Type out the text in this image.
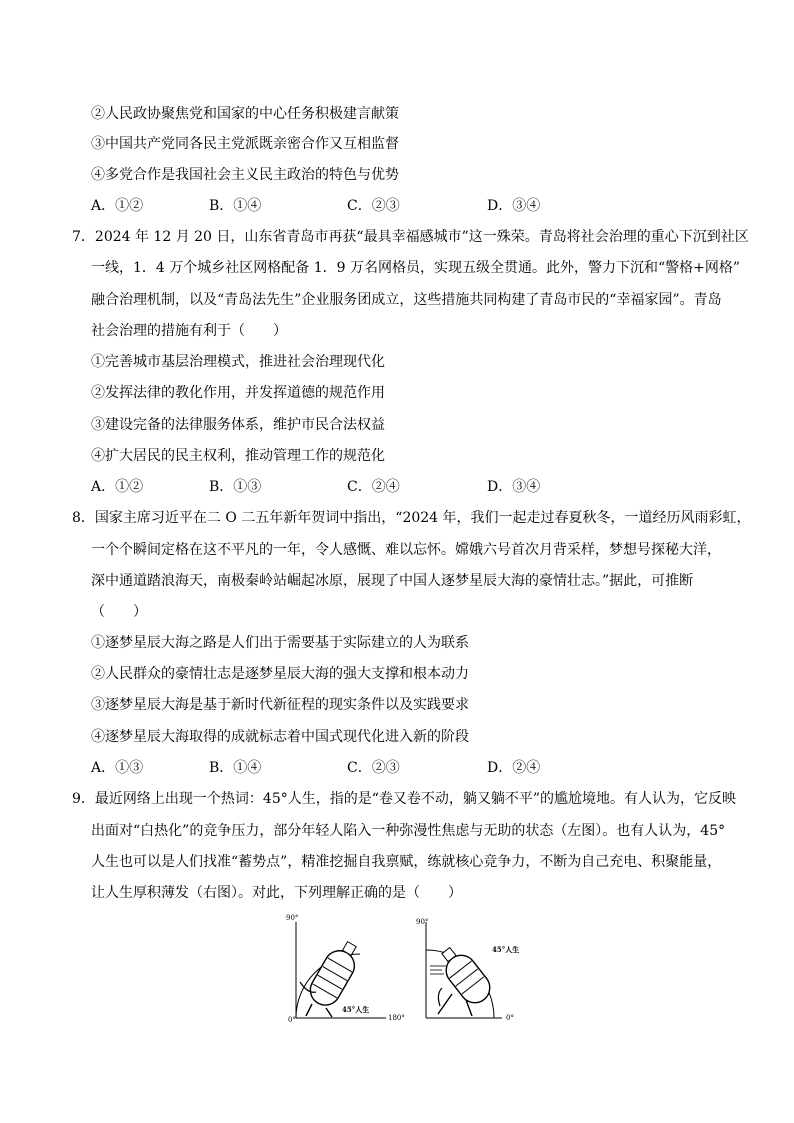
②人民政协聚焦党和国家的中心任务积极建言献策
③中国共产党同各民主党派既亲密合作又互相监督
④多党合作是我国社会主义民主政治的特色与优势
A．①②	B．①④	C．②③	D．③④
7．2024 年 12 月 20 日，山东省青岛市再获“最具幸福感城市”这一殊荣。青岛将社会治理的重心下沉到社区
一线，1．4 万个城乡社区网格配备 1．9 万名网格员，实现五级全贯通。此外，警力下沉和“警格+网格”
融合治理机制，以及“青岛法先生”企业服务团成立，这些措施共同构建了青岛市民的“幸福家园”。青岛
社会治理的措施有利于（　　）
①完善城市基层治理模式，推进社会治理现代化
②发挥法律的教化作用，并发挥道德的规范作用
③建设完备的法律服务体系，维护市民合法权益
④扩大居民的民主权利，推动管理工作的规范化
A．①②	B．①③	C．②④	D．③④
8．国家主席习近平在二 O 二五年新年贺词中指出，“2024 年，我们一起走过春夏秋冬，一道经历风雨彩虹，
一个个瞬间定格在这不平凡的一年，令人感慨、难以忘怀。嫦娥六号首次月背采样，梦想号探秘大洋，
深中通道踏浪海天，南极秦岭站崛起冰原，展现了中国人逐梦星辰大海的豪情壮志。”据此，可推断
（　　）
①逐梦星辰大海之路是人们出于需要基于实际建立的人为联系
②人民群众的豪情壮志是逐梦星辰大海的强大支撑和根本动力
③逐梦星辰大海是基于新时代新征程的现实条件以及实践要求
④逐梦星辰大海取得的成就标志着中国式现代化进入新的阶段
A．①③	B．①④	C．②③	D．②④
9．最近网络上出现一个热词：45°人生，指的是“卷又卷不动，躺又躺不平”的尴尬境地。有人认为，它反映
出面对“白热化”的竞争压力，部分年轻人陷入一种弥漫性焦虑与无助的状态（左图）。也有人认为，45°
人生也可以是人们找准“蓄势点”，精准挖掘自我禀赋，练就核心竞争力，不断为自己充电、积聚能量，
让人生厚积薄发（右图）。对此，下列理解正确的是（　　）
90°
0°	180°
45°人生
90°
0°
45°人生
